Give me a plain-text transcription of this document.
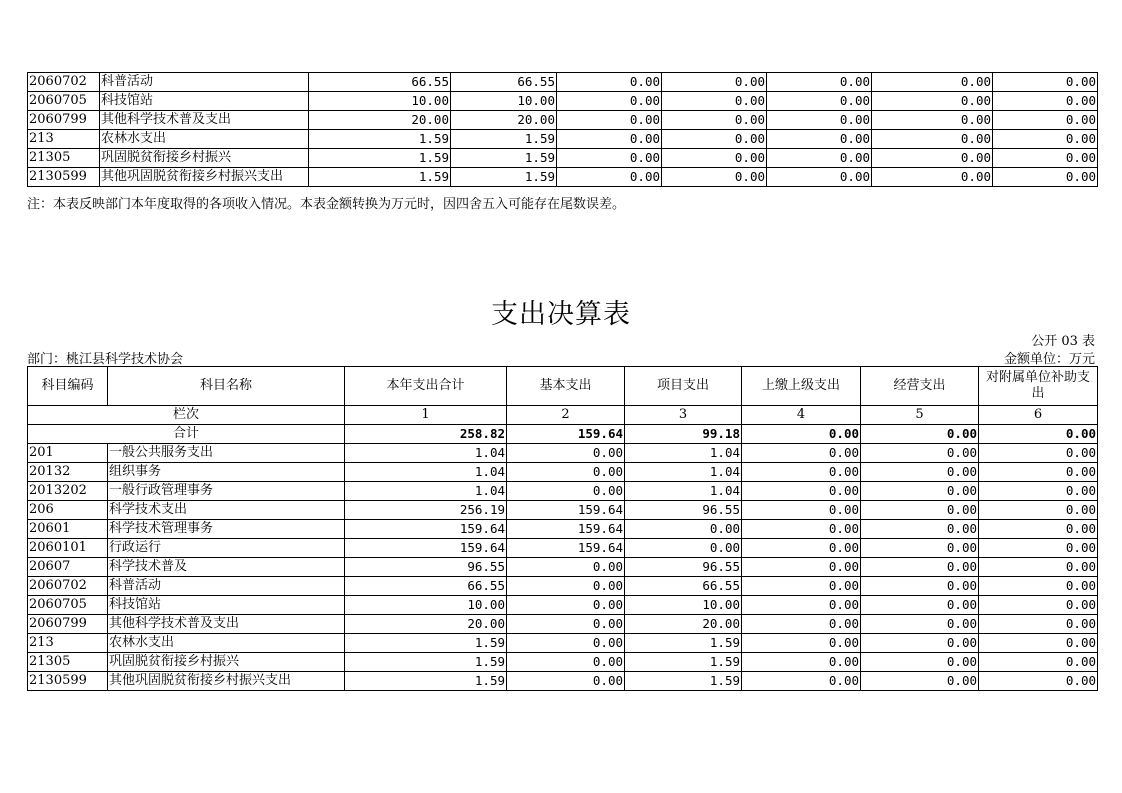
2060702	科普活动	66.55	66.55	0.00	0.00	0.00	0.00	0.00
2060705	科技馆站	10.00	10.00	0.00	0.00	0.00	0.00	0.00
2060799	其他科学技术普及支出	20.00	20.00	0.00	0.00	0.00	0.00	0.00
213	农林水支出	1.59	1.59	0.00	0.00	0.00	0.00	0.00
21305	巩固脱贫衔接乡村振兴	1.59	1.59	0.00	0.00	0.00	0.00	0.00
2130599	其他巩固脱贫衔接乡村振兴支出	1.59	1.59	0.00	0.00	0.00	0.00	0.00
注：本表反映部门本年度取得的各项收入情况。本表金额转换为万元时，因四舍五入可能存在尾数误差。
支出决算表
公开 03 表
部门：桃江县科学技术协会	金额单位：万元
科目编码	科目名称	本年支出合计	基本支出	项目支出	上缴上级支出	经营支出	对附属单位补助支出
栏次		1	2	3	4	5	6
合计		258.82	159.64	99.18	0.00	0.00	0.00
201	一般公共服务支出	1.04	0.00	1.04	0.00	0.00	0.00
20132	组织事务	1.04	0.00	1.04	0.00	0.00	0.00
2013202	一般行政管理事务	1.04	0.00	1.04	0.00	0.00	0.00
206	科学技术支出	256.19	159.64	96.55	0.00	0.00	0.00
20601	科学技术管理事务	159.64	159.64	0.00	0.00	0.00	0.00
2060101	行政运行	159.64	159.64	0.00	0.00	0.00	0.00
20607	科学技术普及	96.55	0.00	96.55	0.00	0.00	0.00
2060702	科普活动	66.55	0.00	66.55	0.00	0.00	0.00
2060705	科技馆站	10.00	0.00	10.00	0.00	0.00	0.00
2060799	其他科学技术普及支出	20.00	0.00	20.00	0.00	0.00	0.00
213	农林水支出	1.59	0.00	1.59	0.00	0.00	0.00
21305	巩固脱贫衔接乡村振兴	1.59	0.00	1.59	0.00	0.00	0.00
2130599	其他巩固脱贫衔接乡村振兴支出	1.59	0.00	1.59	0.00	0.00	0.00
